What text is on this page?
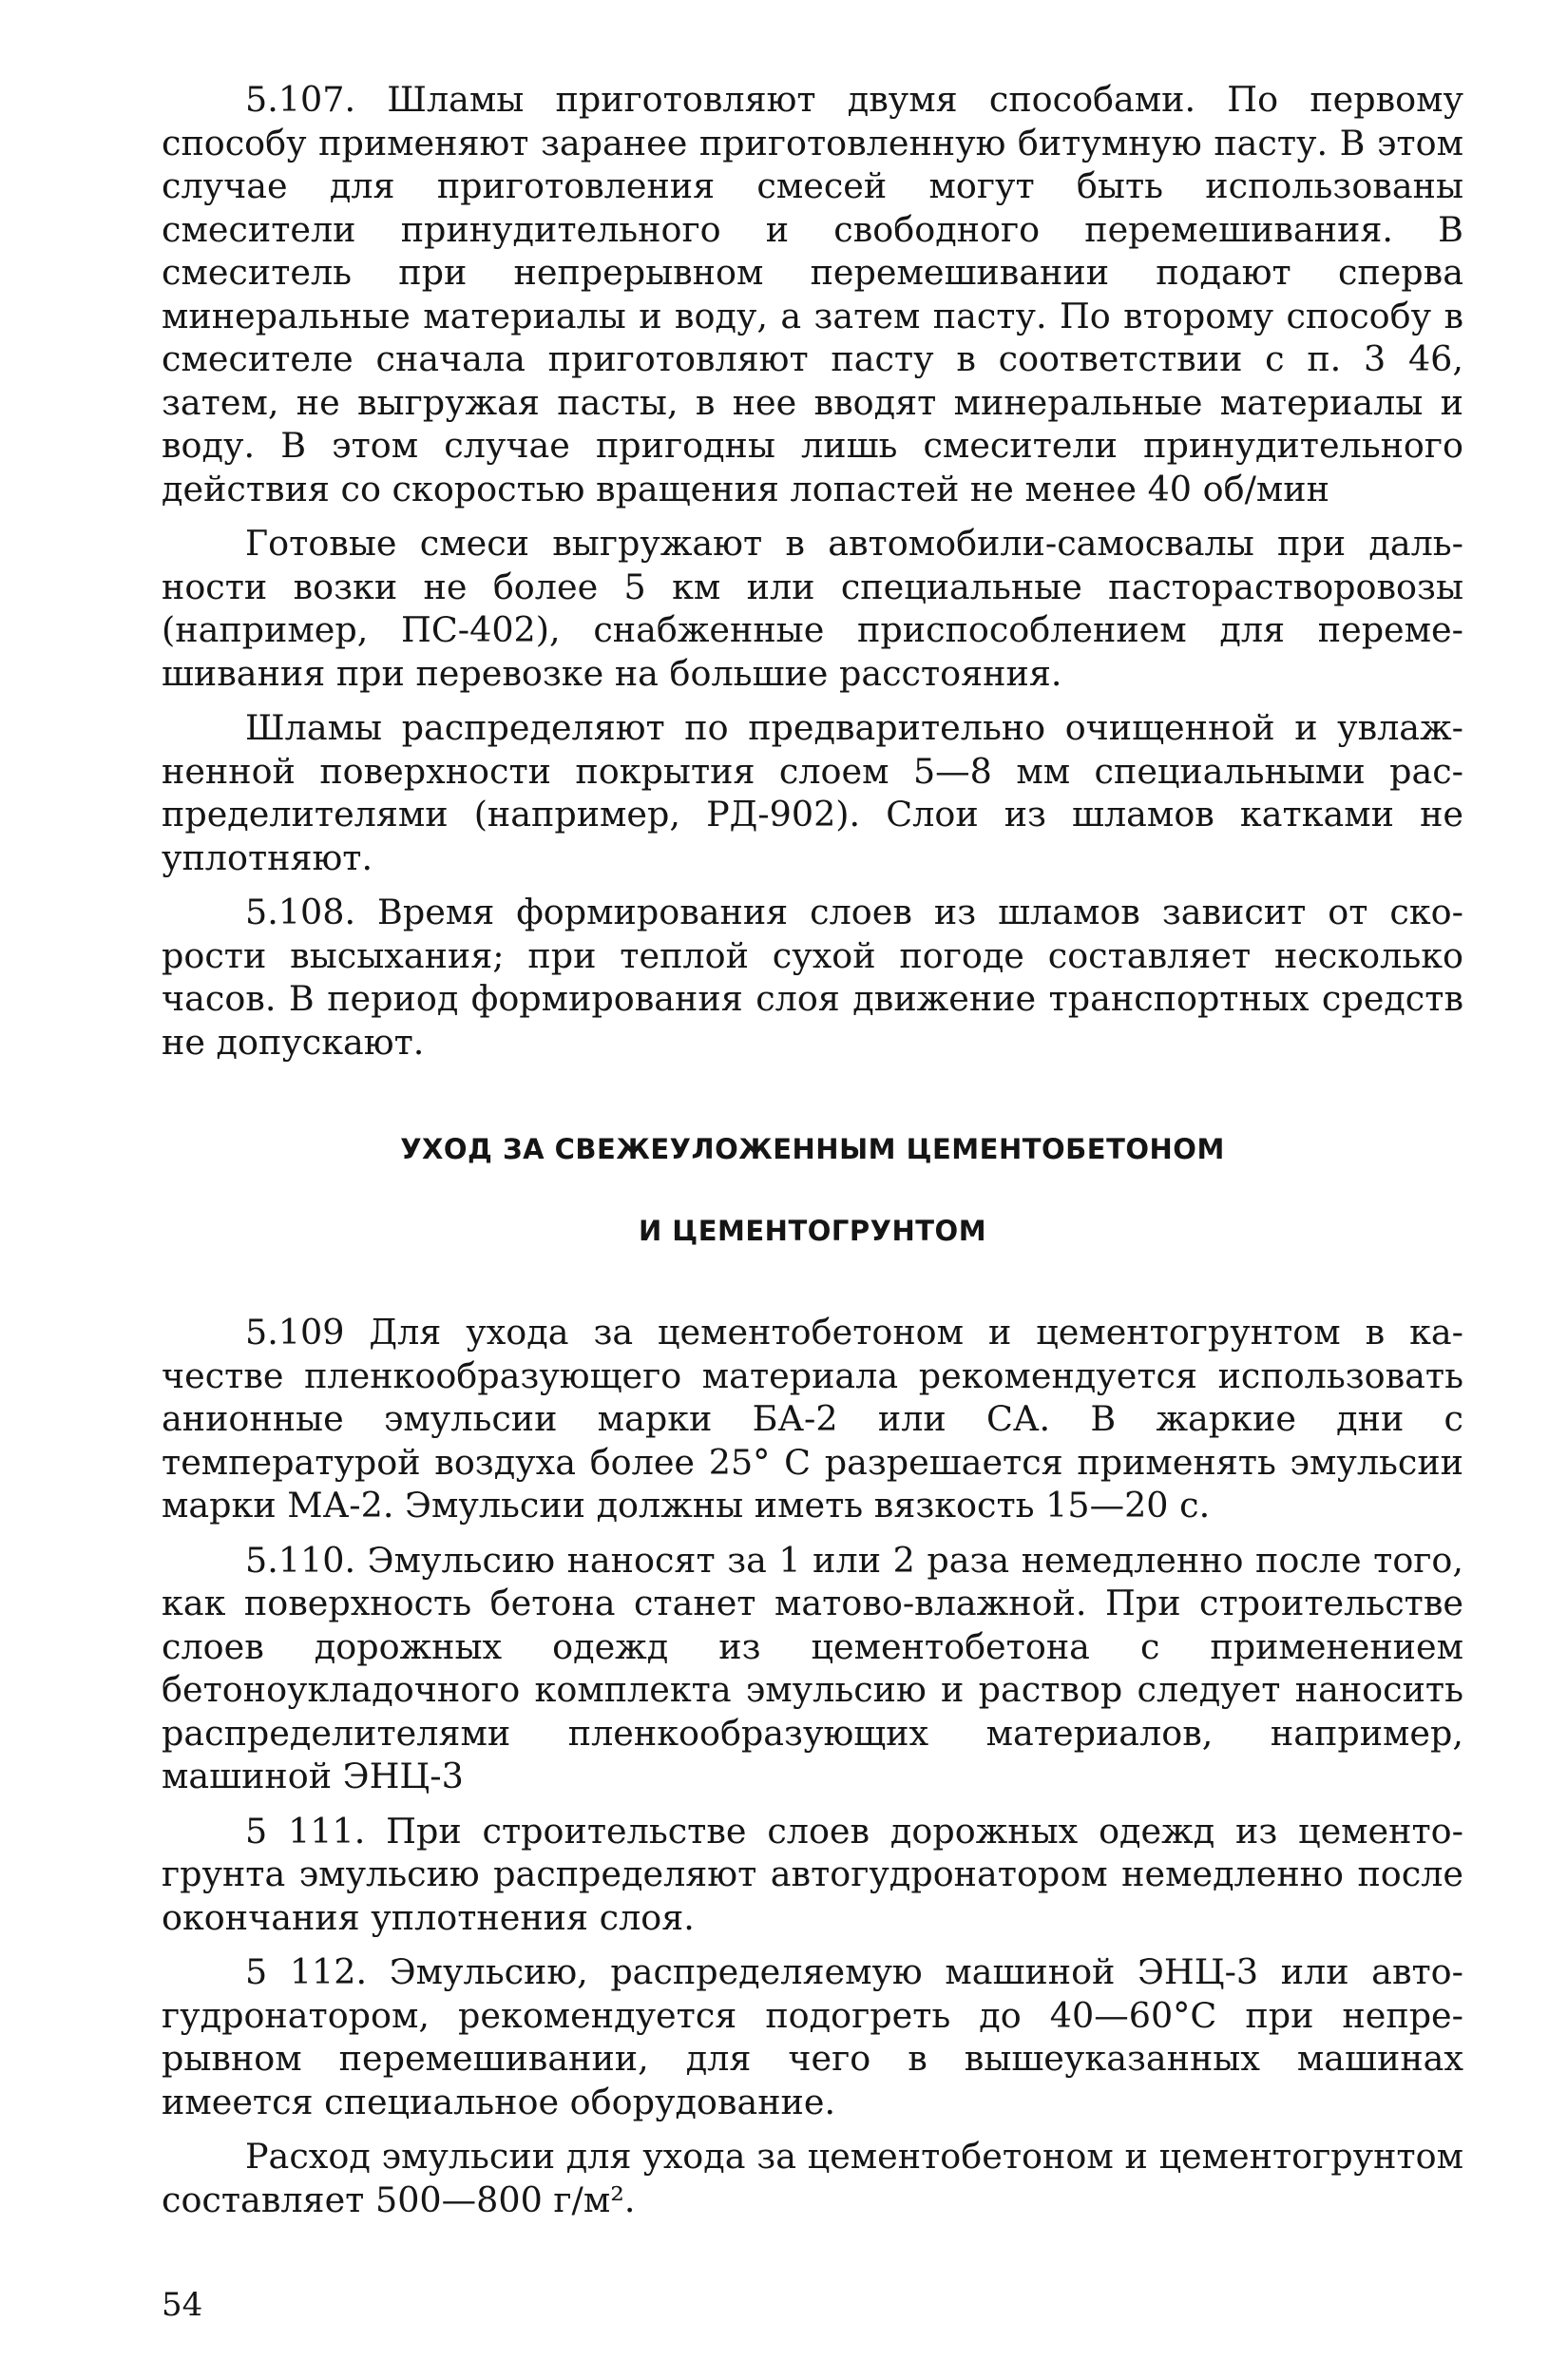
5.107. Шламы приготовляют двумя способами. По первому способу применяют заранее приготовленную битумную пасту. В этом случае для приготовления смесей могут быть использованы смесители принудительного и свободного перемешивания. В смеситель при непрерывном перемешивании подают сперва минеральные материалы и воду, а затем пасту. По второму способу в смесителе сначала приготовляют пасту в соответствии с п. 3 46, затем, не выгружая пасты, в нее вводят минеральные материалы и воду. В этом случае пригодны лишь смесители принудительного действия со скоростью вращения лопастей не менее 40 об/мин

Готовые смеси выгружают в автомобили-самосвалы при дальности возки не более 5 км или специальные пасторастворовозы (например, ПС-402), снабженные приспособлением для перемешивания при перевозке на большие расстояния.

Шламы распределяют по предварительно очищенной и увлажненной поверхности покрытия слоем 5—8 мм специальными распределителями (например, РД-902). Слои из шламов катками не уплотняют.

5.108. Время формирования слоев из шламов зависит от скорости высыхания; при теплой сухой погоде составляет несколько часов. В период формирования слоя движение транспортных средств не допускают.

УХОД ЗА СВЕЖЕУЛОЖЕННЫМ ЦЕМЕНТОБЕТОНОМ
И ЦЕМЕНТОГРУНТОМ

5.109 Для ухода за цементобетоном и цементогрунтом в качестве пленкообразующего материала рекомендуется использовать анионные эмульсии марки БА-2 или СА. В жаркие дни с температурой воздуха более 25° С разрешается применять эмульсии марки МА-2. Эмульсии должны иметь вязкость 15—20 с.

5.110. Эмульсию наносят за 1 или 2 раза немедленно после того, как поверхность бетона станет матово-влажной. При строительстве слоев дорожных одежд из цементобетона с применением бетоноукладочного комплекта эмульсию и раствор следует наносить распределителями пленкообразующих материалов, например, машиной ЭНЦ-3

5 111. При строительстве слоев дорожных одежд из цементогрунта эмульсию распределяют автогудронатором немедленно после окончания уплотнения слоя.

5 112. Эмульсию, распределяемую машиной ЭНЦ-3 или автогудронатором, рекомендуется подогреть до 40—60°С при непрерывном перемешивании, для чего в вышеуказанных машинах имеется специальное оборудование.

Расход эмульсии для ухода за цементобетоном и цементогрунтом составляет 500—800 г/м².

54
